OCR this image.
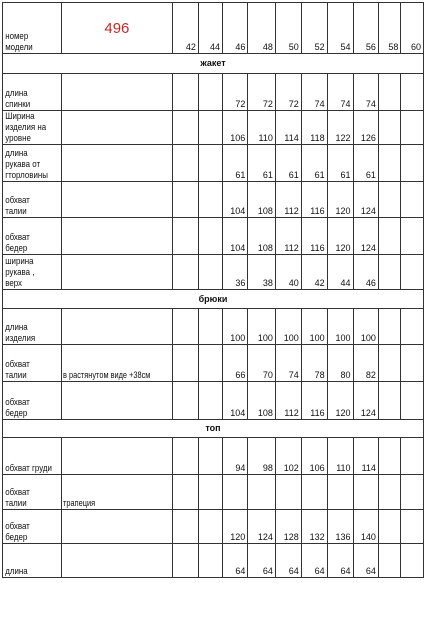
номер модели	496	42	44	46	48	50	52	54	56	58	60
жакет											
длина спинки				72	72	72	74	74	74		
Ширина изделия на уровне				106	110	114	118	122	126		
длина рукава от гторловины				61	61	61	61	61	61		
обхват талии				104	108	112	116	120	124		
обхват бедер				104	108	112	116	120	124		
ширина рукава , верх				36	38	40	42	44	46		
брюки											
длина изделия				100	100	100	100	100	100		
обхват талии	в растянутом виде +38см			66	70	74	78	80	82		
обхват бедер				104	108	112	116	120	124		
топ											
обхват груди				94	98	102	106	110	114		
обхват талии	трапеция										
обхват бедер				120	124	128	132	136	140		
длина				64	64	64	64	64	64		
